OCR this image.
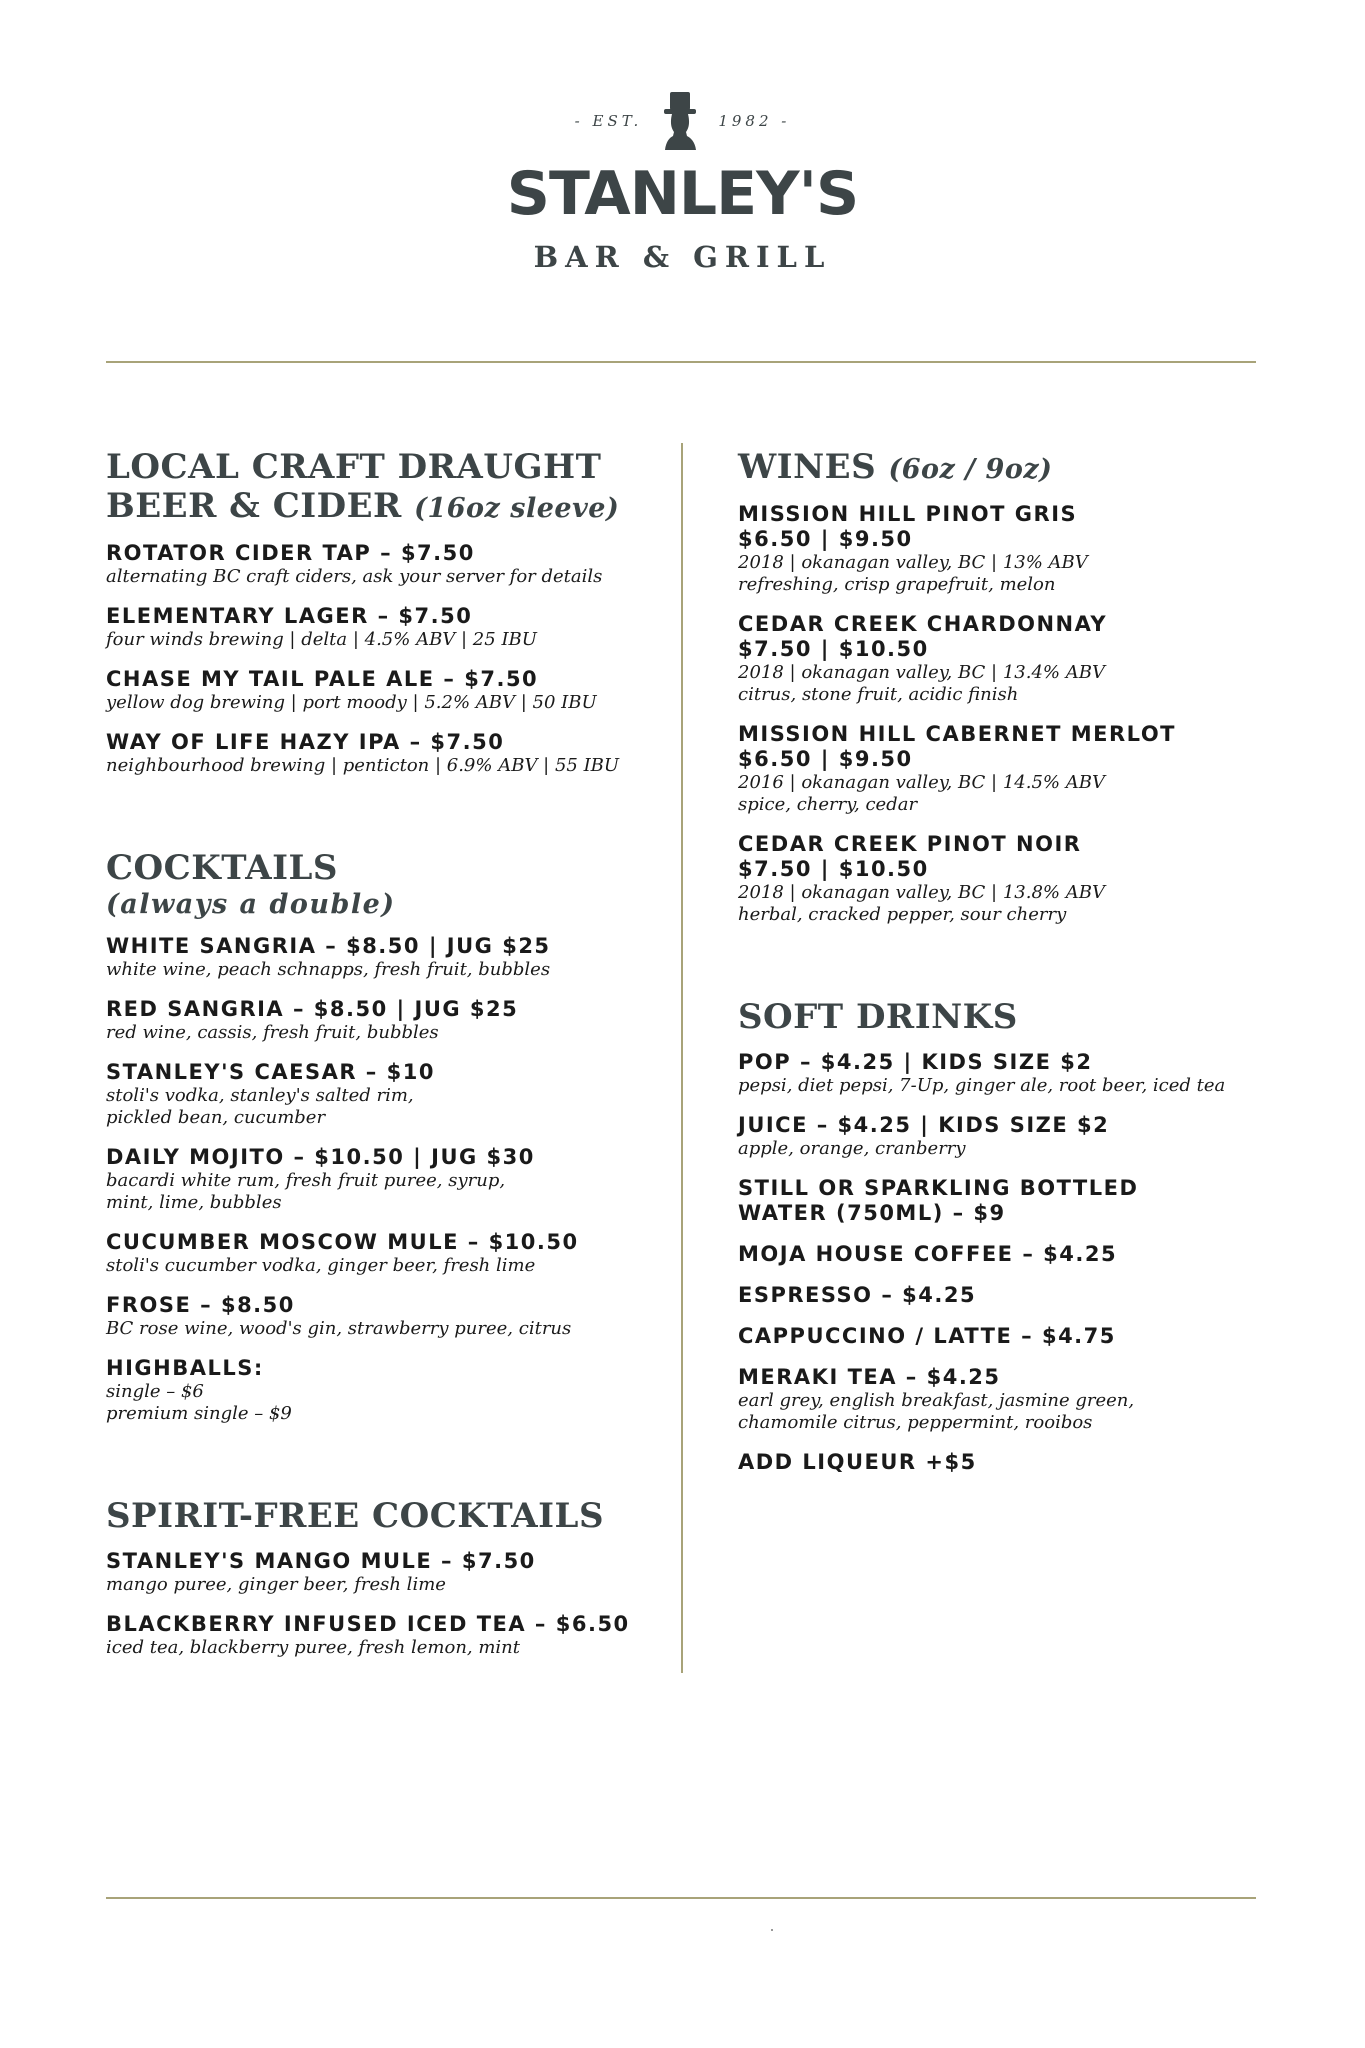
- EST.	1982 -
STANLEY'S
BAR & GRILL
LOCAL CRAFT DRAUGHT
BEER & CIDER (16oz sleeve)
ROTATOR CIDER TAP – $7.50
alternating BC craft ciders, ask your server for details
ELEMENTARY LAGER – $7.50
four winds brewing | delta | 4.5% ABV | 25 IBU
CHASE MY TAIL PALE ALE – $7.50
yellow dog brewing | port moody | 5.2% ABV | 50 IBU
WAY OF LIFE HAZY IPA – $7.50
neighbourhood brewing | penticton | 6.9% ABV | 55 IBU
COCKTAILS
(always a double)
WHITE SANGRIA – $8.50 | JUG $25
white wine, peach schnapps, fresh fruit, bubbles
RED SANGRIA – $8.50 | JUG $25
red wine, cassis, fresh fruit, bubbles
STANLEY'S CAESAR – $10
stoli's vodka, stanley's salted rim,
pickled bean, cucumber
DAILY MOJITO – $10.50 | JUG $30
bacardi white rum, fresh fruit puree, syrup,
mint, lime, bubbles
CUCUMBER MOSCOW MULE – $10.50
stoli's cucumber vodka, ginger beer, fresh lime
FROSE – $8.50
BC rose wine, wood's gin, strawberry puree, citrus
HIGHBALLS:
single – $6
premium single – $9
SPIRIT-FREE COCKTAILS
STANLEY'S MANGO MULE – $7.50
mango puree, ginger beer, fresh lime
BLACKBERRY INFUSED ICED TEA – $6.50
iced tea, blackberry puree, fresh lemon, mint
WINES (6oz / 9oz)
MISSION HILL PINOT GRIS
$6.50 | $9.50
2018 | okanagan valley, BC | 13% ABV
refreshing, crisp grapefruit, melon
CEDAR CREEK CHARDONNAY
$7.50 | $10.50
2018 | okanagan valley, BC | 13.4% ABV
citrus, stone fruit, acidic finish
MISSION HILL CABERNET MERLOT
$6.50 | $9.50
2016 | okanagan valley, BC | 14.5% ABV
spice, cherry, cedar
CEDAR CREEK PINOT NOIR
$7.50 | $10.50
2018 | okanagan valley, BC | 13.8% ABV
herbal, cracked pepper, sour cherry
SOFT DRINKS
POP – $4.25 | KIDS SIZE $2
pepsi, diet pepsi, 7-Up, ginger ale, root beer, iced tea
JUICE – $4.25 | KIDS SIZE $2
apple, orange, cranberry
STILL OR SPARKLING BOTTLED
WATER (750ML) – $9
MOJA HOUSE COFFEE – $4.25
ESPRESSO – $4.25
CAPPUCCINO / LATTE – $4.75
MERAKI TEA – $4.25
earl grey, english breakfast, jasmine green,
chamomile citrus, peppermint, rooibos
ADD LIQUEUR +$5
